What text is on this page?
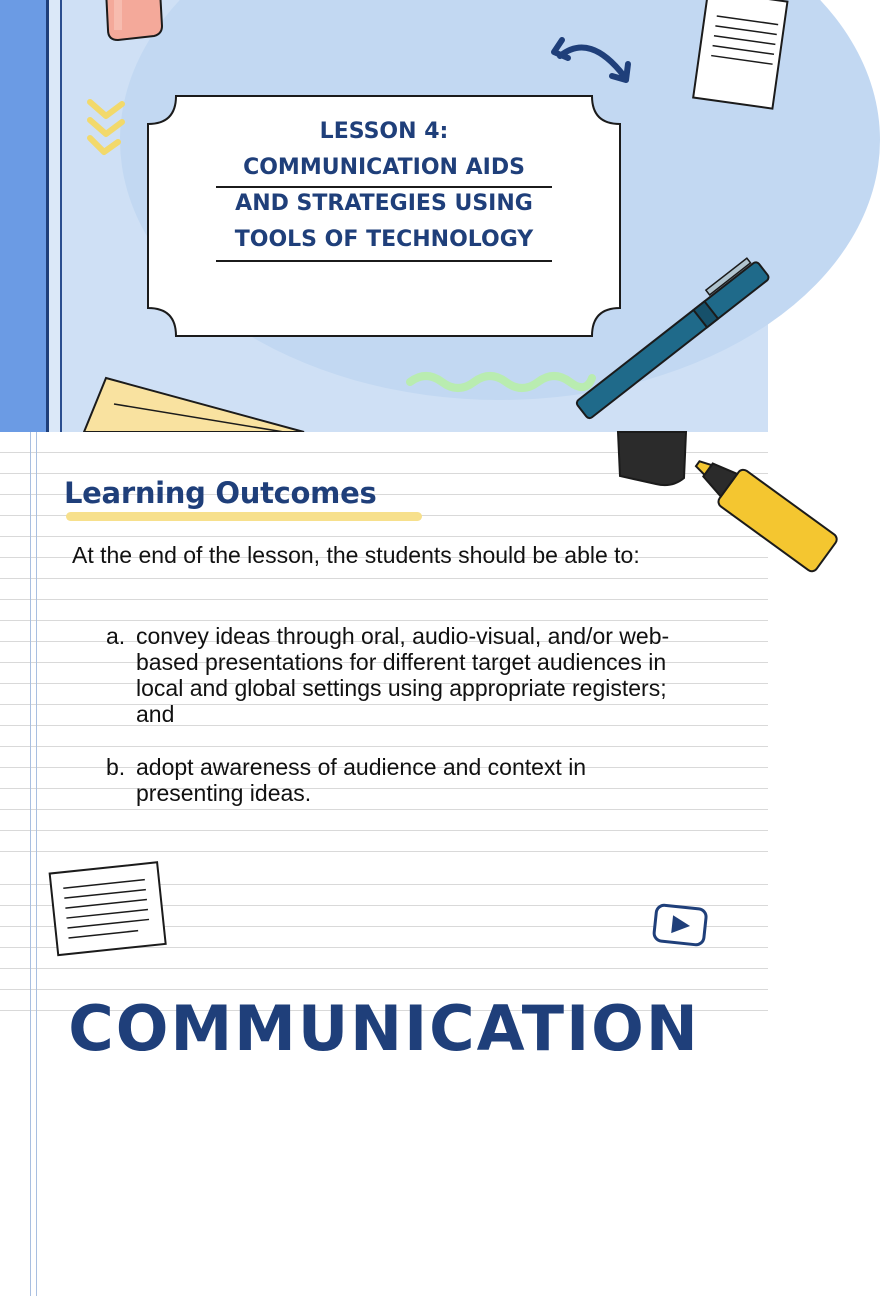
LESSON 4:
COMMUNICATION AIDS
AND STRATEGIES USING
TOOLS OF TECHNOLOGY
Learning Outcomes
At the end of the lesson, the students should be able to:
a. convey ideas through oral, audio-visual, and/or web-based presentations for different target audiences in local and global settings using appropriate registers; and
b. adopt awareness of audience and context in presenting ideas.
COMMUNICATION
